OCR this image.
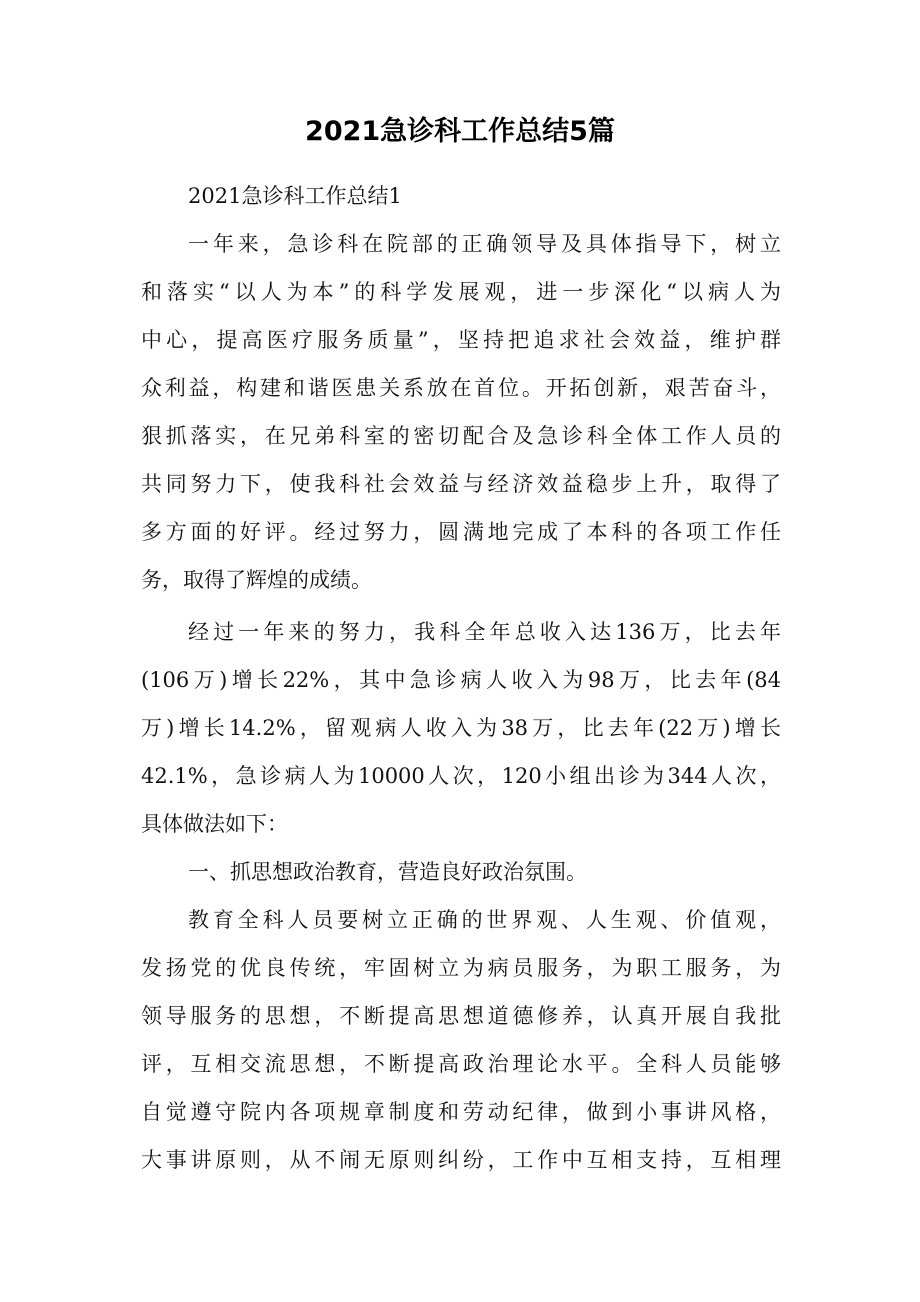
2021急诊科工作总结5篇
2021急诊科工作总结1
一年来，急诊科在院部的正确领导及具体指导下，树立
和落实“以人为本”的科学发展观，进一步深化“以病人为
中心，提高医疗服务质量”，坚持把追求社会效益，维护群
众利益，构建和谐医患关系放在首位。开拓创新，艰苦奋斗，
狠抓落实，在兄弟科室的密切配合及急诊科全体工作人员的
共同努力下，使我科社会效益与经济效益稳步上升，取得了
多方面的好评。经过努力，圆满地完成了本科的各项工作任
务，取得了辉煌的成绩。
经过一年来的努力，我科全年总收入达136万，比去年
(106万)增长22%，其中急诊病人收入为98万，比去年(84
万)增长14.2%，留观病人收入为38万，比去年(22万)增长
42.1%，急诊病人为10000人次，120小组出诊为344人次，
具体做法如下：
一、抓思想政治教育，营造良好政治氛围。
教育全科人员要树立正确的世界观、人生观、价值观，
发扬党的优良传统，牢固树立为病员服务，为职工服务，为
领导服务的思想，不断提高思想道德修养，认真开展自我批
评，互相交流思想，不断提高政治理论水平。全科人员能够
自觉遵守院内各项规章制度和劳动纪律，做到小事讲风格，
大事讲原则，从不闹无原则纠纷，工作中互相支持，互相理
